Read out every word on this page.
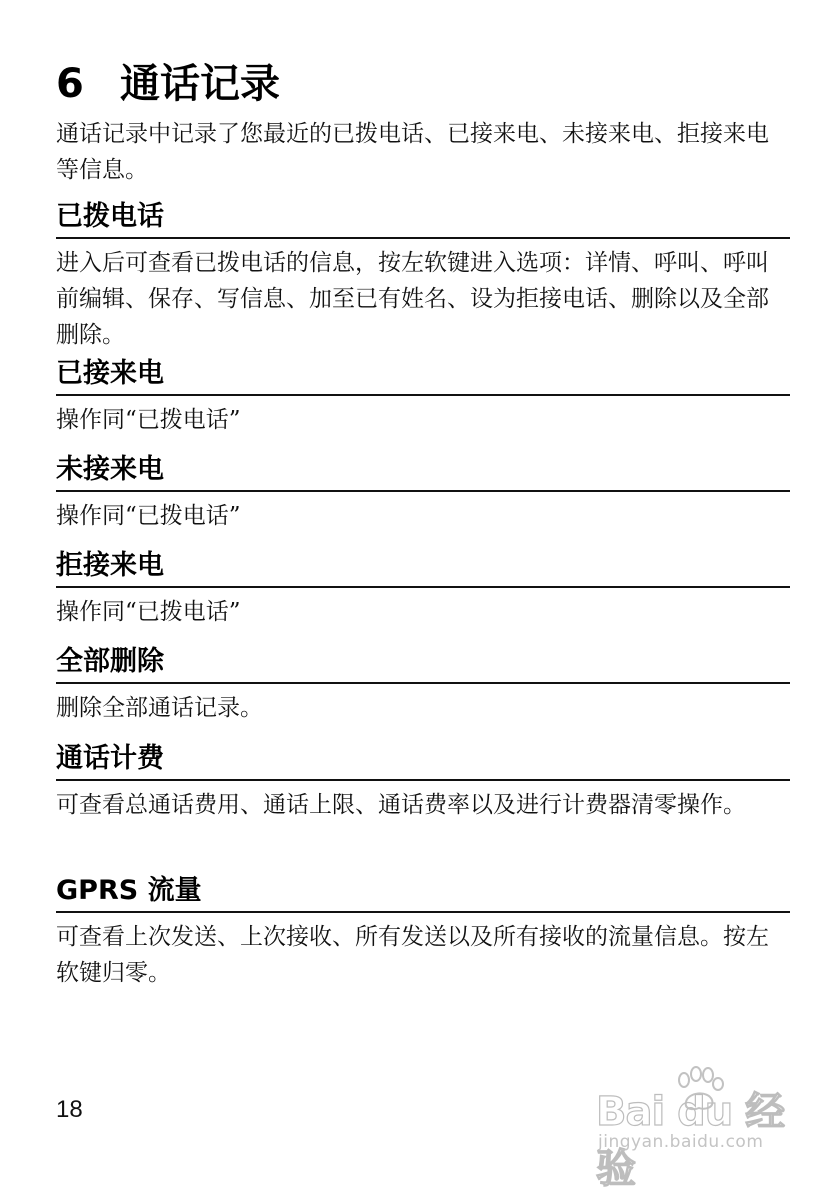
6 通话记录

通话记录中记录了您最近的已拨电话、已接来电、未接来电、拒接来电等信息。

已拨电话

进入后可查看已拨电话的信息，按左软键进入选项：详情、呼叫、呼叫前编辑、保存、写信息、加至已有姓名、设为拒接电话、删除以及全部删除。

已接来电

操作同“已拨电话”

未接来电

操作同“已拨电话”

拒接来电

操作同“已拨电话”

全部删除

删除全部通话记录。

通话计费

可查看总通话费用、通话上限、通话费率以及进行计费器清零操作。

GPRS 流量

可查看上次发送、上次接收、所有发送以及所有接收的流量信息。按左软键归零。

18	Bai du 经验
jingyan.baidu.com
